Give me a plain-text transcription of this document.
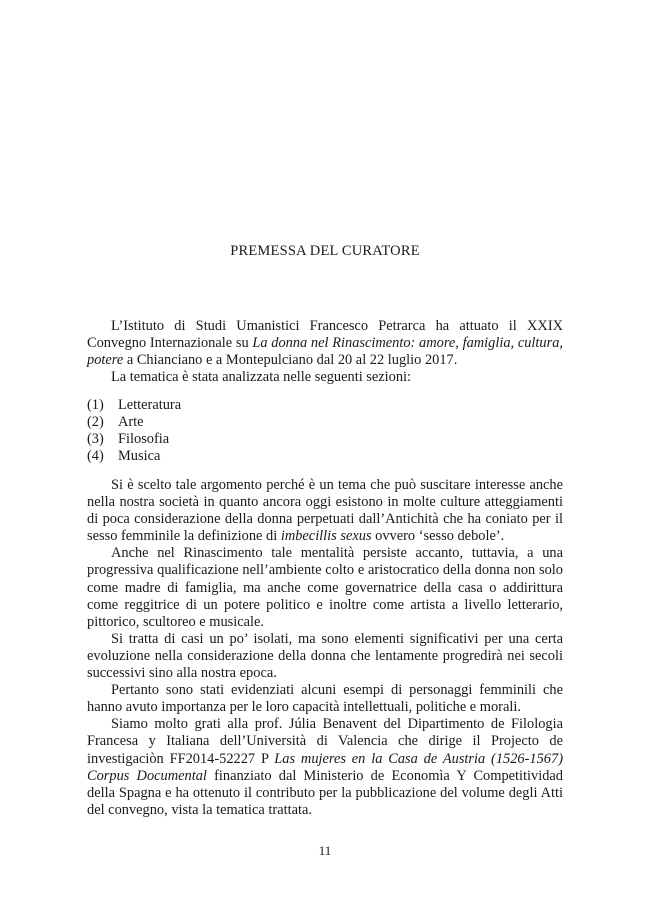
PREMESSA DEL CURATORE

L’Istituto di Studi Umanistici Francesco Petrarca ha attuato il XXIX Convegno Internazionale su La donna nel Rinascimento: amore, famiglia, cultura, potere a Chianciano e a Montepulciano dal 20 al 22 luglio 2017.

La tematica è stata analizzata nelle seguenti sezioni:

(1) Letteratura
(2) Arte
(3) Filosofia
(4) Musica

Si è scelto tale argomento perché è un tema che può suscitare interesse anche nella nostra società in quanto ancora oggi esistono in molte culture atteggiamenti di poca considerazione della donna perpetuati dall’Antichità che ha coniato per il sesso femminile la definizione di imbecillis sexus ovvero ‘sesso debole’.

Anche nel Rinascimento tale mentalità persiste accanto, tuttavia, a una progressiva qualificazione nell’ambiente colto e aristocratico della donna non solo come madre di famiglia, ma anche come governatrice della casa o addirittura come reggitrice di un potere politico e inoltre come artista a livello letterario, pittorico, scultoreo e musicale.

Si tratta di casi un po’ isolati, ma sono elementi significativi per una certa evoluzione nella considerazione della donna che lentamente progredirà nei secoli successivi sino alla nostra epoca.

Pertanto sono stati evidenziati alcuni esempi di personaggi femminili che hanno avuto importanza per le loro capacità intellettuali, politiche e morali.

Siamo molto grati alla prof. Júlia Benavent del Dipartimento de Filologia Francesa y Italiana dell’Università di Valencia che dirige il Projecto de investigaciòn FF2014-52227 P Las mujeres en la Casa de Austria (1526-1567) Corpus Documental finanziato dal Ministerio de Economìa Y Competitividad della Spagna e ha ottenuto il contributo per la pubblicazione del volume degli Atti del convegno, vista la tematica trattata.

11
